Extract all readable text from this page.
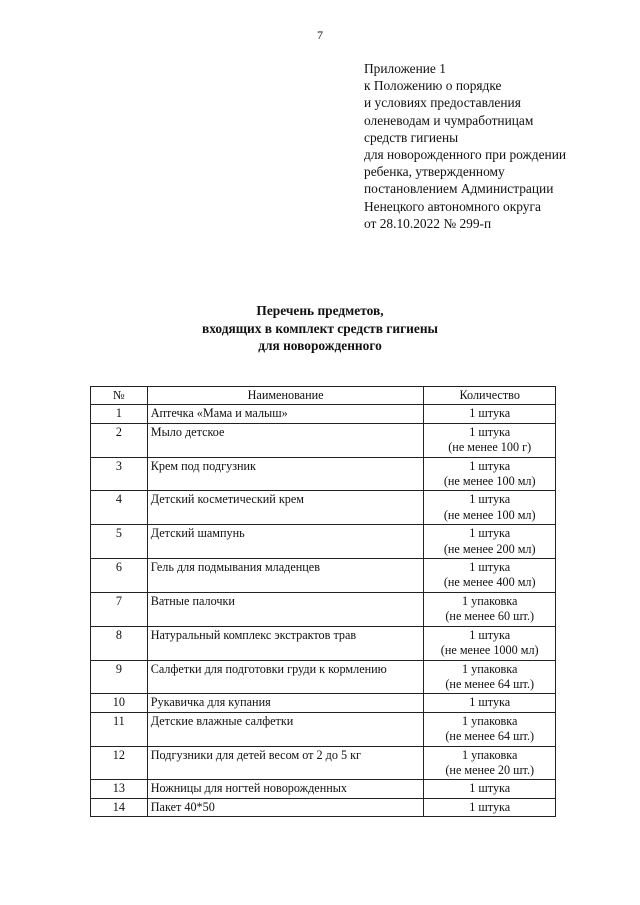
7
Приложение 1
к Положению о порядке
и условиях предоставления
оленеводам и чумработницам
средств гигиены
для новорожденного при рождении
ребенка, утвержденному
постановлением Администрации
Ненецкого автономного округа
от 28.10.2022 № 299-п
Перечень предметов,
входящих в комплект средств гигиены
для новорожденного
№	Наименование	Количество
1	Аптечка «Мама и малыш»	1 штука

2	Мыло детское	1 штука
(не менее 100 г)

3	Крем под подгузник	1 штука
(не менее 100 мл)

4	Детский косметический крем	1 штука
(не менее 100 мл)

5	Детский шампунь	1 штука
(не менее 200 мл)

6	Гель для подмывания младенцев	1 штука
(не менее 400 мл)

7	Ватные палочки	1 упаковка
(не менее 60 шт.)

8	Натуральный комплекс экстрактов трав	1 штука
(не менее 1000 мл)

9	Салфетки для подготовки груди к кормлению	1 упаковка
(не менее 64 шт.)

10	Рукавичка для купания	1 штука

11	Детские влажные салфетки	1 упаковка
(не менее 64 шт.)

12	Подгузники для детей весом от 2 до 5 кг	1 упаковка
(не менее 20 шт.)

13	Ножницы для ногтей новорожденных	1 штука

14	Пакет 40*50	1 штука
